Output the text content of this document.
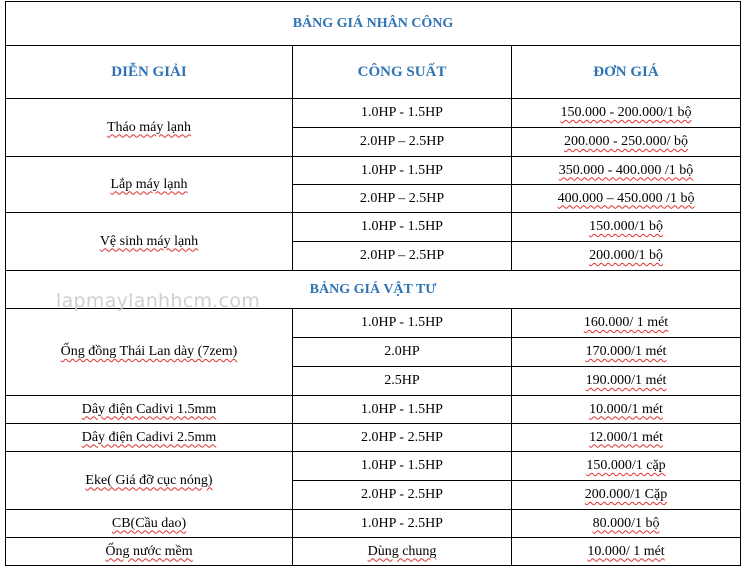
BẢNG GIÁ NHÂN CÔNG		
DIỄN GIẢI	CÔNG SUẤT	ĐƠN GIÁ
Tháo máy lạnh	1.0HP - 1.5HP	150.000 - 200.000/1 bộ
	2.0HP – 2.5HP	200.000 - 250.000/ bộ
Lắp máy lạnh	1.0HP - 1.5HP	350.000 - 400.000 /1 bộ
	2.0HP – 2.5HP	400.000 – 450.000 /1 bộ
Vệ sinh máy lạnh	1.0HP - 1.5HP	150.000/1 bộ
	2.0HP – 2.5HP	200.000/1 bộ
BẢNG GIÁ VẬT TƯ		
Ống đồng Thái Lan dày (7zem)	1.0HP - 1.5HP	160.000/ 1 mét
	2.0HP	170.000/1 mét
	2.5HP	190.000/1 mét
Dây điện Cadivi 1.5mm	1.0HP - 1.5HP	10.000/1 mét
Dây điện Cadivi 2.5mm	2.0HP - 2.5HP	12.000/1 mét
Eke( Giá đỡ cục nóng)	1.0HP - 1.5HP	150.000/1 cặp
	2.0HP - 2.5HP	200.000/1 Cặp
CB(Cầu dao)	1.0HP - 2.5HP	80.000/1 bộ
Ống nước mềm	Dùng chung	10.000/ 1 mét
lapmaylanhhcm.com
